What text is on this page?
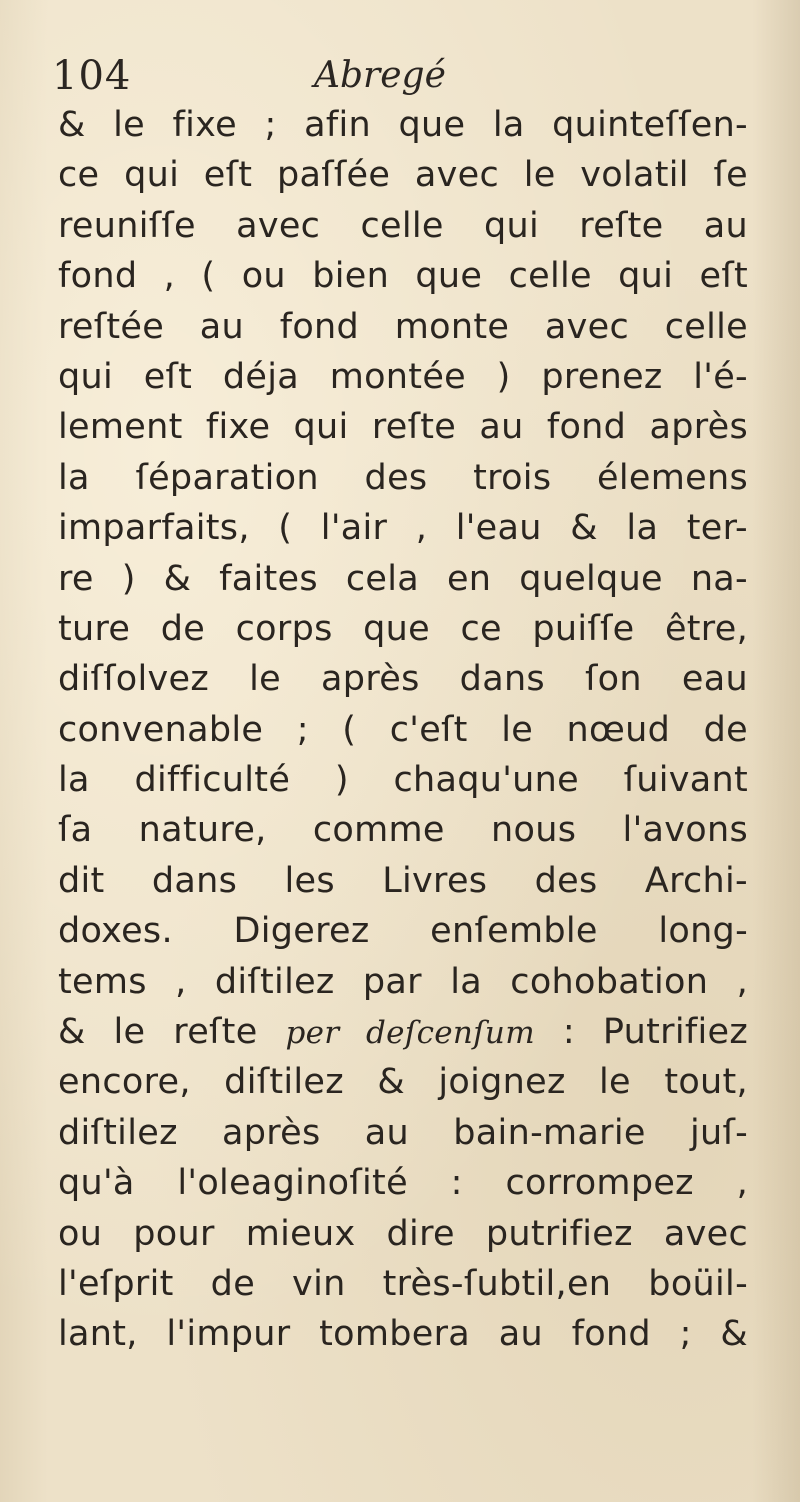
104	Abregé
& le fixe ; afin que la quinteſſen-
ce qui eſt paſſée avec le volatil ſe
reuniſſe avec celle qui reſte au
fond , ( ou bien que celle qui eſt
reſtée au fond monte avec celle
qui eſt déja montée ) prenez l'é-
lement fixe qui reſte au fond après
la ſéparation des trois élemens
imparfaits, ( l'air , l'eau & la ter-
re ) & faites cela en quelque na-
ture de corps que ce puiſſe être,
diſſolvez le après dans ſon eau
convenable ; ( c'eſt le nœud de
la difficulté ) chaqu'une ſuivant
ſa nature, comme nous l'avons
dit dans les Livres des Archi-
doxes. Digerez enſemble long-
tems , diſtilez par la cohobation ,
& le reſte per deſcenſum : Putrifiez
encore, diſtilez & joignez le tout,
diſtilez après au bain-marie juſ-
qu'à l'oleaginoſité : corrompez ,
ou pour mieux dire putrifiez avec
l'eſprit de vin très-ſubtil,en boüil-
lant, l'impur tombera au fond ; &
